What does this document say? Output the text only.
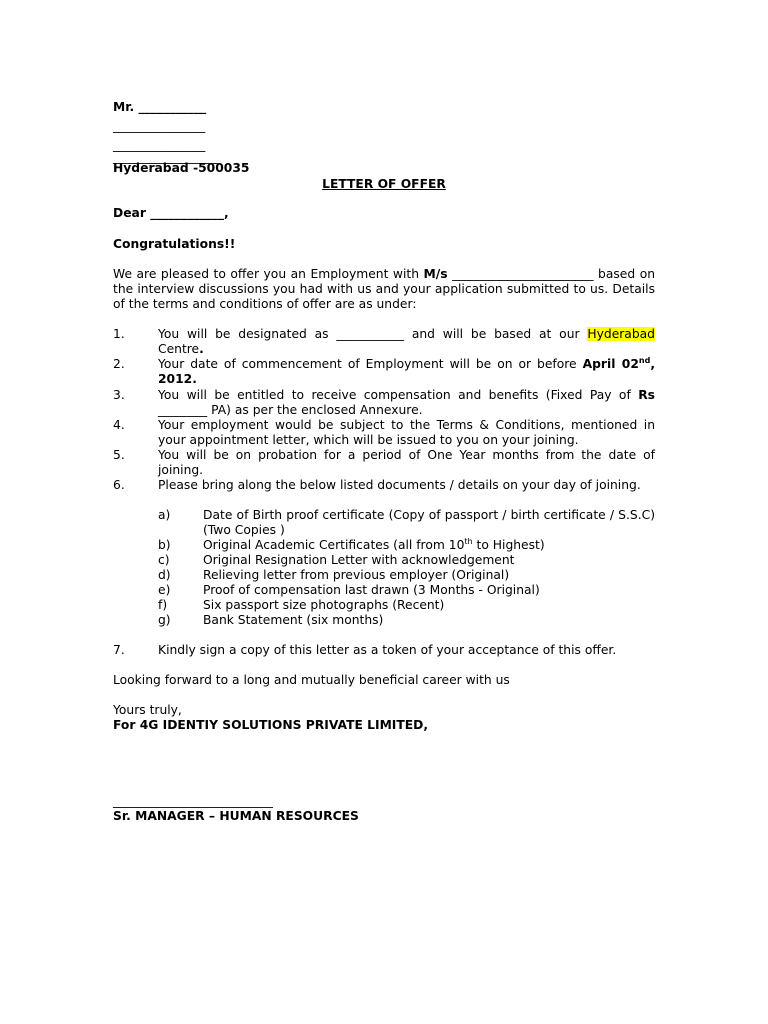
Mr. ___________
_______________
_______________
_________________
Hyderabad -500035
LETTER OF OFFER
Dear ____________,
Congratulations!!
We are pleased to offer you an Employment with M/s _______________________ based on the interview discussions you had with us and your application submitted to us. Details of the terms and conditions of offer are as under:
1.	You will be designated as ___________ and will be based at our Hyderabad Centre.
2.	Your date of commencement of Employment will be on or before April 02nd, 2012.
3.	You will be entitled to receive compensation and benefits (Fixed Pay of Rs ________ PA) as per the enclosed Annexure.
4.	Your employment would be subject to the Terms & Conditions, mentioned in your appointment letter, which will be issued to you on your joining.
5.	You will be on probation for a period of One Year months from the date of joining.
6.	Please bring along the below listed documents / details on your day of joining.
a)	Date of Birth proof certificate (Copy of passport / birth certificate / S.S.C) (Two Copies )
b)	Original Academic Certificates (all from 10th to Highest)
c)	Original Resignation Letter with acknowledgement
d)	Relieving letter from previous employer (Original)
e)	Proof of compensation last drawn (3 Months - Original)
f)	Six passport size photographs (Recent)
g)	Bank Statement (six months)
7.	Kindly sign a copy of this letter as a token of your acceptance of this offer.
Looking forward to a long and mutually beneficial career with us
Yours truly,
For 4G IDENTIY SOLUTIONS PRIVATE LIMITED,
__________________________
Sr. MANAGER – HUMAN RESOURCES
